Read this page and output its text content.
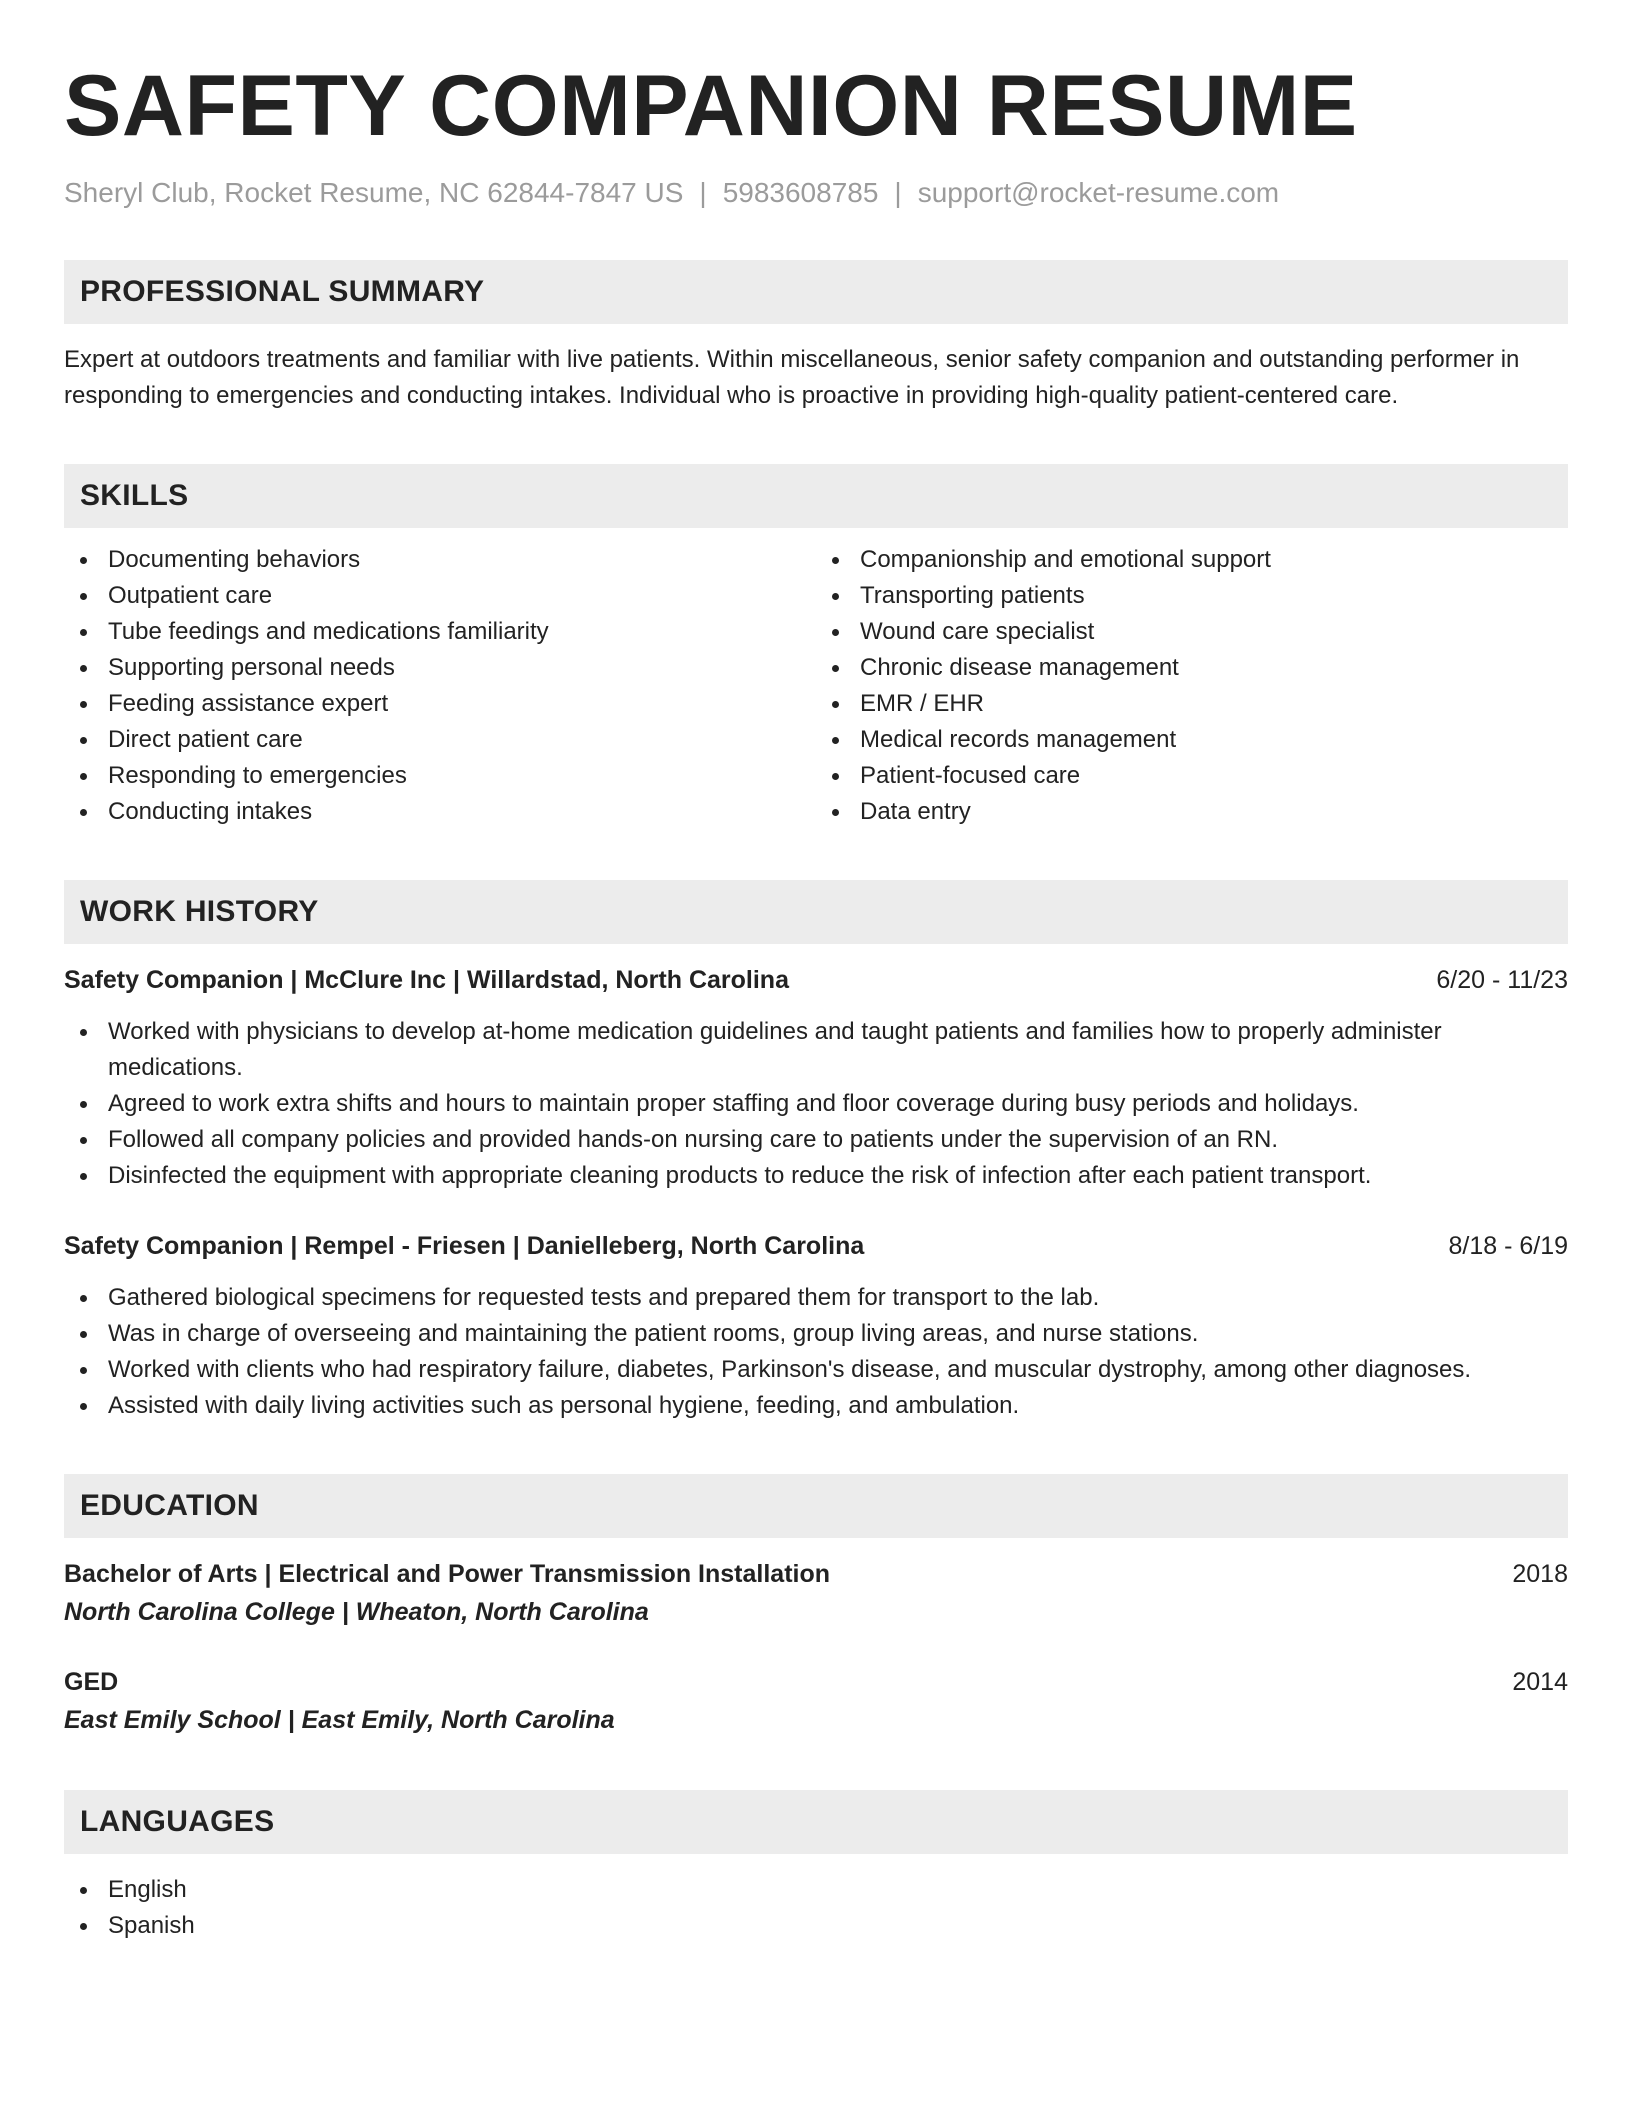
SAFETY COMPANION RESUME
Sheryl Club, Rocket Resume, NC 62844-7847 US | 5983608785 | support@rocket-resume.com
PROFESSIONAL SUMMARY

Expert at outdoors treatments and familiar with live patients. Within miscellaneous, senior safety companion and outstanding performer in responding to emergencies and conducting intakes. Individual who is proactive in providing high-quality patient-centered care.

SKILLS
Documenting behaviors
Outpatient care
Tube feedings and medications familiarity
Supporting personal needs
Feeding assistance expert
Direct patient care
Responding to emergencies
Conducting intakes
Companionship and emotional support
Transporting patients
Wound care specialist
Chronic disease management
EMR / EHR
Medical records management
Patient-focused care
Data entry
WORK HISTORY
Safety Companion | McClure Inc | Willardstad, North Carolina	6/20 - 11/23
Worked with physicians to develop at-home medication guidelines and taught patients and families how to properly administer medications.
Agreed to work extra shifts and hours to maintain proper staffing and floor coverage during busy periods and holidays.
Followed all company policies and provided hands-on nursing care to patients under the supervision of an RN.
Disinfected the equipment with appropriate cleaning products to reduce the risk of infection after each patient transport.
Safety Companion | Rempel - Friesen | Danielleberg, North Carolina	8/18 - 6/19
Gathered biological specimens for requested tests and prepared them for transport to the lab.
Was in charge of overseeing and maintaining the patient rooms, group living areas, and nurse stations.
Worked with clients who had respiratory failure, diabetes, Parkinson's disease, and muscular dystrophy, among other diagnoses.
Assisted with daily living activities such as personal hygiene, feeding, and ambulation.
EDUCATION
Bachelor of Arts | Electrical and Power Transmission Installation	2018
North Carolina College | Wheaton, North Carolina
GED	2014
East Emily School | East Emily, North Carolina
LANGUAGES
English
Spanish
